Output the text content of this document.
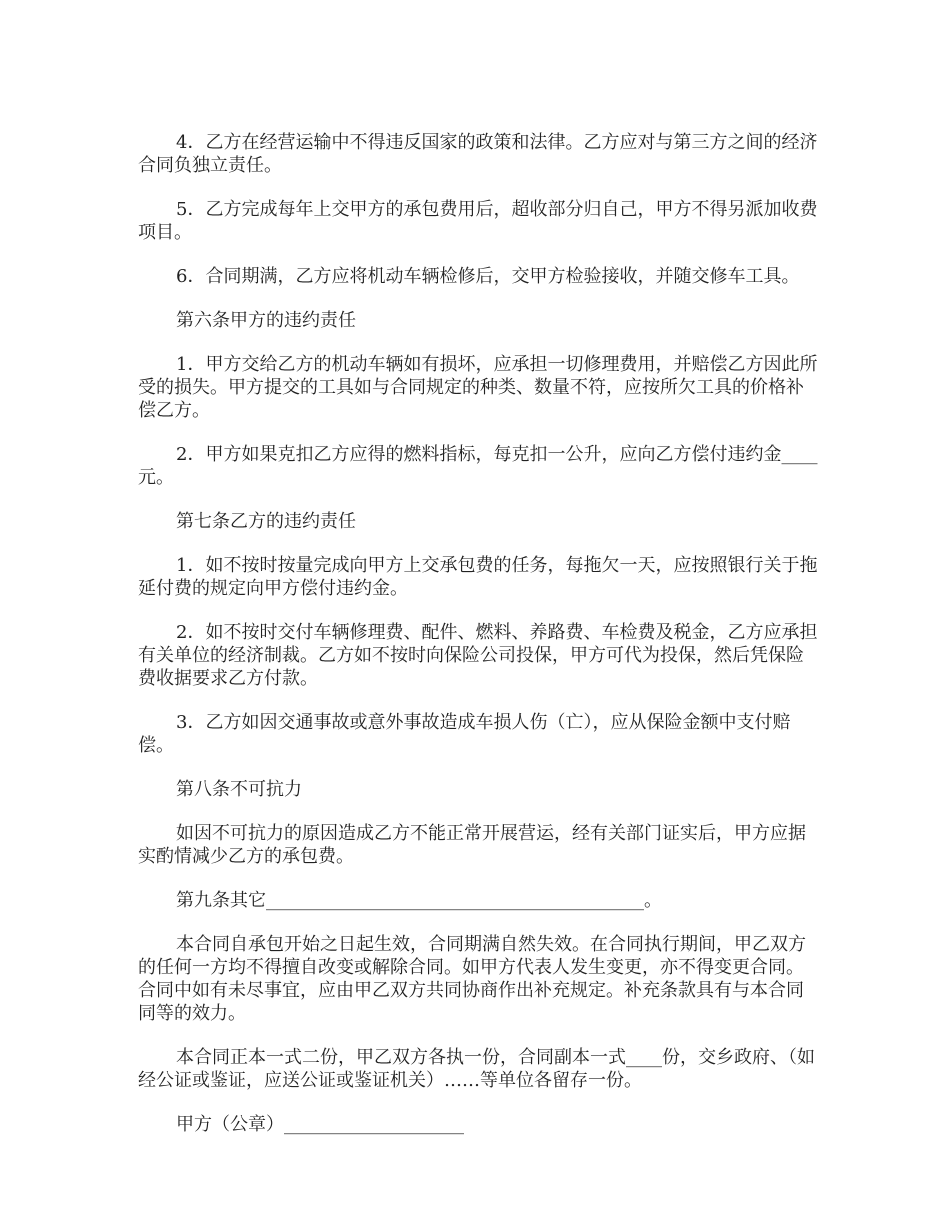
4．乙方在经营运输中不得违反国家的政策和法律。乙方应对与第三方之间的经济合同负独立责任。

5．乙方完成每年上交甲方的承包费用后，超收部分归自己，甲方不得另派加收费项目。

6．合同期满，乙方应将机动车辆检修后，交甲方检验接收，并随交修车工具。

第六条甲方的违约责任

1．甲方交给乙方的机动车辆如有损坏，应承担一切修理费用，并赔偿乙方因此所受的损失。甲方提交的工具如与合同规定的种类、数量不符，应按所欠工具的价格补偿乙方。

2．甲方如果克扣乙方应得的燃料指标，每克扣一公升，应向乙方偿付违约金____元。

第七条乙方的违约责任

1．如不按时按量完成向甲方上交承包费的任务，每拖欠一天，应按照银行关于拖延付费的规定向甲方偿付违约金。

2．如不按时交付车辆修理费、配件、燃料、养路费、车检费及税金，乙方应承担有关单位的经济制裁。乙方如不按时向保险公司投保，甲方可代为投保，然后凭保险费收据要求乙方付款。

3．乙方如因交通事故或意外事故造成车损人伤（亡），应从保险金额中支付赔偿。

第八条不可抗力

如因不可抗力的原因造成乙方不能正常开展营运，经有关部门证实后，甲方应据实酌情减少乙方的承包费。

第九条其它__________________________________________。

本合同自承包开始之日起生效，合同期满自然失效。在合同执行期间，甲乙双方的任何一方均不得擅自改变或解除合同。如甲方代表人发生变更，亦不得变更合同。合同中如有未尽事宜，应由甲乙双方共同协商作出补充规定。补充条款具有与本合同同等的效力。

本合同正本一式二份，甲乙双方各执一份，合同副本一式____份，交乡政府、（如经公证或鉴证，应送公证或鉴证机关）……等单位各留存一份。

甲方（公章）____________________
